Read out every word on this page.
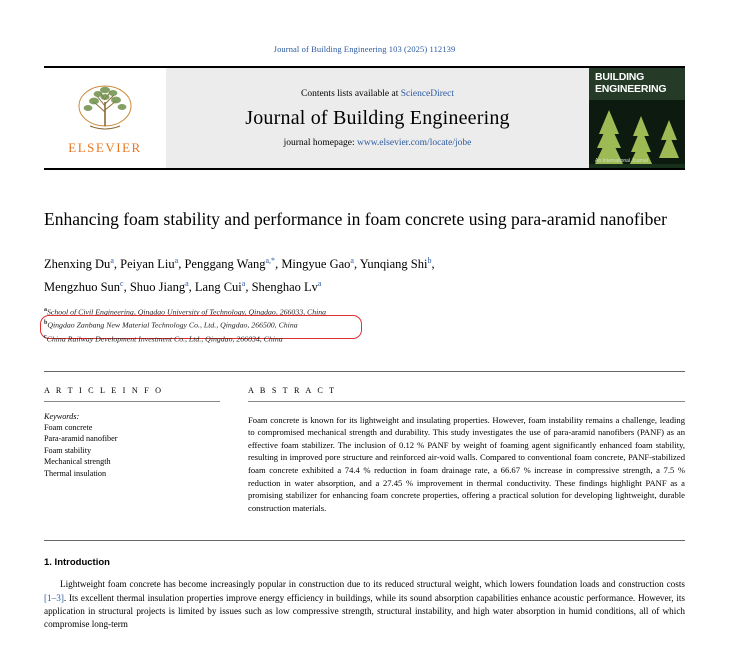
Journal of Building Engineering 103 (2025) 112139
ELSEVIER
Contents lists available at ScienceDirect
Journal of Building Engineering
journal homepage: www.elsevier.com/locate/jobe
BUILDING
ENGINEERING
An International Journal
Enhancing foam stability and performance in foam concrete using para-aramid nanofiber
Zhenxing Du$^a$, Peiyan Liu$^a$, Penggang Wang$^{a,*}$, Mingyue Gao$^a$, Yunqiang Shi$^b$,
Mengzhuo Sun$^c$, Shuo Jiang$^a$, Lang Cui$^a$, Shenghao Lv$^a$
$^a$School of Civil Engineering, Qingdao University of Technology, Qingdao, 266033, China
$^b$Qingdao Zanbang New Material Technology Co., Ltd., Qingdao, 266500, China
$^c$China Railway Development Investment Co., Ltd., Qingdao, 266034, China
A R T I C L E I N F O
Keywords:
Foam concrete
Para-aramid nanofiber
Foam stability
Mechanical strength
Thermal insulation
A B S T R A C T
Foam concrete is known for its lightweight and insulating properties. However, foam instability remains a challenge, leading to compromised mechanical strength and durability. This study investigates the use of para-aramid nanofibers (PANF) as an effective foam stabilizer. The inclusion of 0.12 % PANF by weight of foaming agent significantly enhanced foam stability, resulting in improved pore structure and reinforced air-void walls. Compared to conventional foam concrete, PANF-stabilized foam concrete exhibited a 74.4 % reduction in foam drainage rate, a 66.67 % increase in compressive strength, a 7.5 % reduction in water absorption, and a 27.45 % improvement in thermal conductivity. These findings highlight PANF as a promising stabilizer for enhancing foam concrete properties, offering a practical solution for developing lightweight, durable construction materials.
1. Introduction
Lightweight foam concrete has become increasingly popular in construction due to its reduced structural weight, which lowers foundation loads and construction costs [1–3]. Its excellent thermal insulation properties improve energy efficiency in buildings, while its sound absorption capabilities enhance acoustic performance. However, its application in structural projects is limited by issues such as low compressive strength, structural instability, and high water absorption in humid conditions, all of which compromise long-term
